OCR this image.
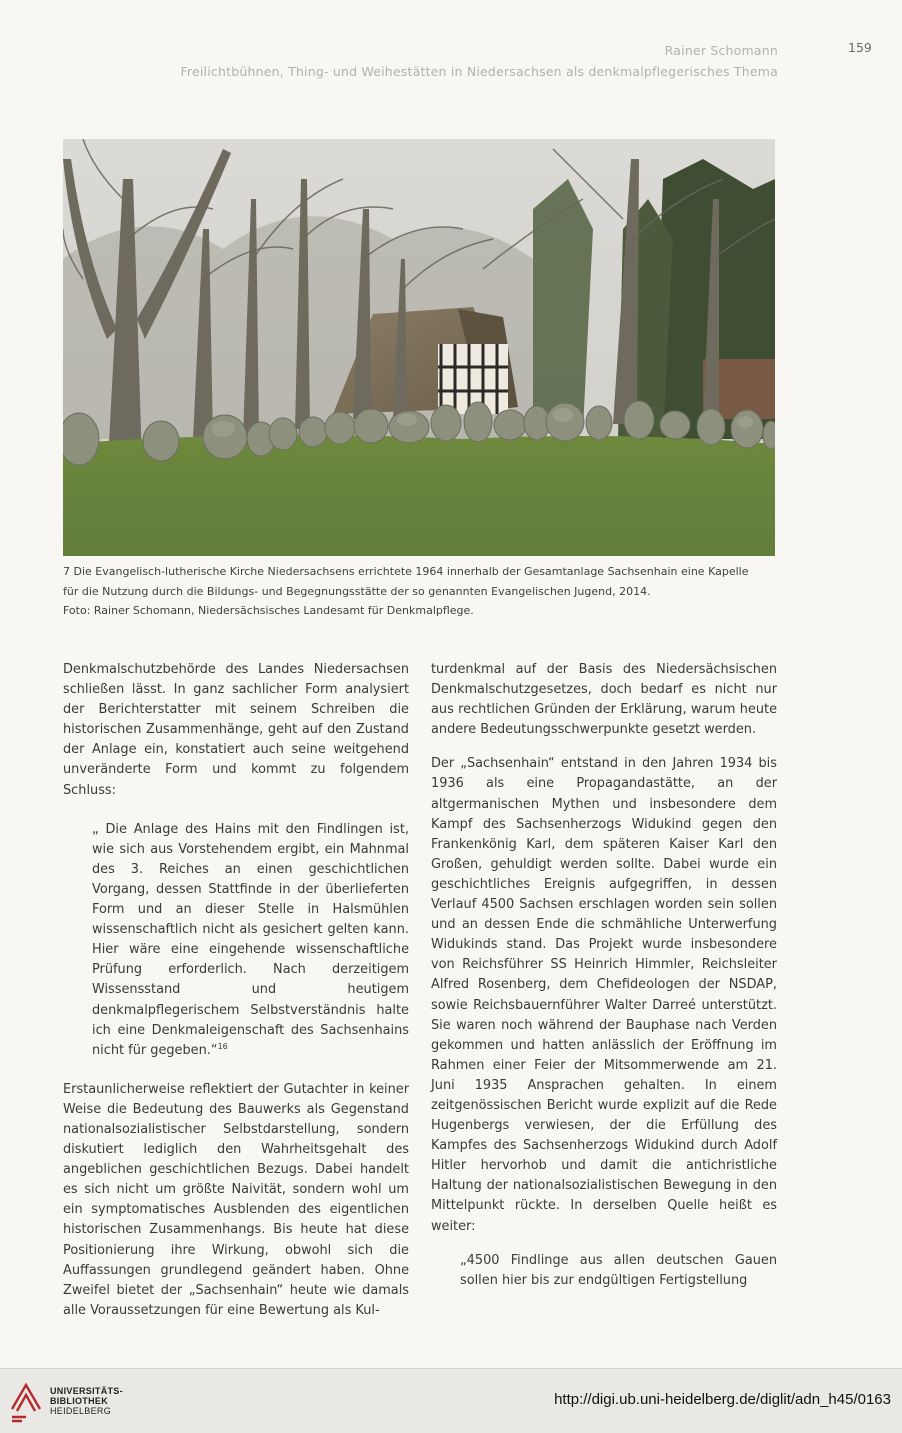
Rainer Schomann
Freilichtbühnen, Thing- und Weihestätten in Niedersachsen als denkmalpflegerisches Thema
159
7 Die Evangelisch-lutherische Kirche Niedersachsens errichtete 1964 innerhalb der Gesamtanlage Sachsenhain eine Kapelle
für die Nutzung durch die Bildungs- und Begegnungsstätte der so genannten Evangelischen Jugend, 2014.
Foto: Rainer Schomann, Niedersächsisches Landesamt für Denkmalpflege.

Denkmalschutzbehörde des Landes Niedersachsen schließen lässt. In ganz sachlicher Form analysiert der Berichterstatter mit seinem Schreiben die historischen Zusammenhänge, geht auf den Zustand der Anlage ein, konstatiert auch seine weitgehend unveränderte Form und kommt zu folgendem Schluss:

„ Die Anlage des Hains mit den Findlingen ist, wie sich aus Vorstehendem ergibt, ein Mahnmal des 3. Reiches an einen geschichtlichen Vorgang, dessen Stattfinde in der überlieferten Form und an dieser Stelle in Halsmühlen wissenschaftlich nicht als gesichert gelten kann. Hier wäre eine eingehende wissenschaftliche Prüfung erforderlich. Nach derzeitigem Wissensstand und heutigem denkmalpflegerischem Selbstverständnis halte ich eine Denkmaleigenschaft des Sachsenhains nicht für gegeben.“$^{16}$

Erstaunlicherweise reflektiert der Gutachter in keiner Weise die Bedeutung des Bauwerks als Gegenstand nationalsozialistischer Selbstdarstellung, sondern diskutiert lediglich den Wahrheitsgehalt des angeblichen geschichtlichen Bezugs. Dabei handelt es sich nicht um größte Naivität, sondern wohl um ein symptomatisches Ausblenden des eigentlichen historischen Zusammenhangs. Bis heute hat diese Positionierung ihre Wirkung, obwohl sich die Auffassungen grundlegend geändert haben. Ohne Zweifel bietet der „Sachsenhain“ heute wie damals alle Voraussetzungen für eine Bewertung als Kul-

turdenkmal auf der Basis des Niedersächsischen Denkmalschutzgesetzes, doch bedarf es nicht nur aus rechtlichen Gründen der Erklärung, warum heute andere Bedeutungsschwerpunkte gesetzt werden.

Der „Sachsenhain“ entstand in den Jahren 1934 bis 1936 als eine Propagandastätte, an der altgermanischen Mythen und insbesondere dem Kampf des Sachsenherzogs Widukind gegen den Frankenkönig Karl, dem späteren Kaiser Karl den Großen, gehuldigt werden sollte. Dabei wurde ein geschichtliches Ereignis aufgegriffen, in dessen Verlauf 4500 Sachsen erschlagen worden sein sollen und an dessen Ende die schmähliche Unterwerfung Widukinds stand. Das Projekt wurde insbesondere von Reichsführer SS Heinrich Himmler, Reichsleiter Alfred Rosenberg, dem Chefideologen der NSDAP, sowie Reichsbauernführer Walter Darreé unterstützt. Sie waren noch während der Bauphase nach Verden gekommen und hatten anlässlich der Eröffnung im Rahmen einer Feier der Mitsommerwende am 21. Juni 1935 Ansprachen gehalten. In einem zeitgenössischen Bericht wurde explizit auf die Rede Hugenbergs verwiesen, der die Erfüllung des Kampfes des Sachsenherzogs Widukind durch Adolf Hitler hervorhob und damit die antichristliche Haltung der nationalsozialistischen Bewegung in den Mittelpunkt rückte. In derselben Quelle heißt es weiter:

„4500 Findlinge aus allen deutschen Gauen sollen hier bis zur endgültigen Fertigstellung
UNIVERSITÄTS-
BIBLIOTHEK
HEIDELBERG
http://digi.ub.uni-heidelberg.de/diglit/adn_h45/0163
